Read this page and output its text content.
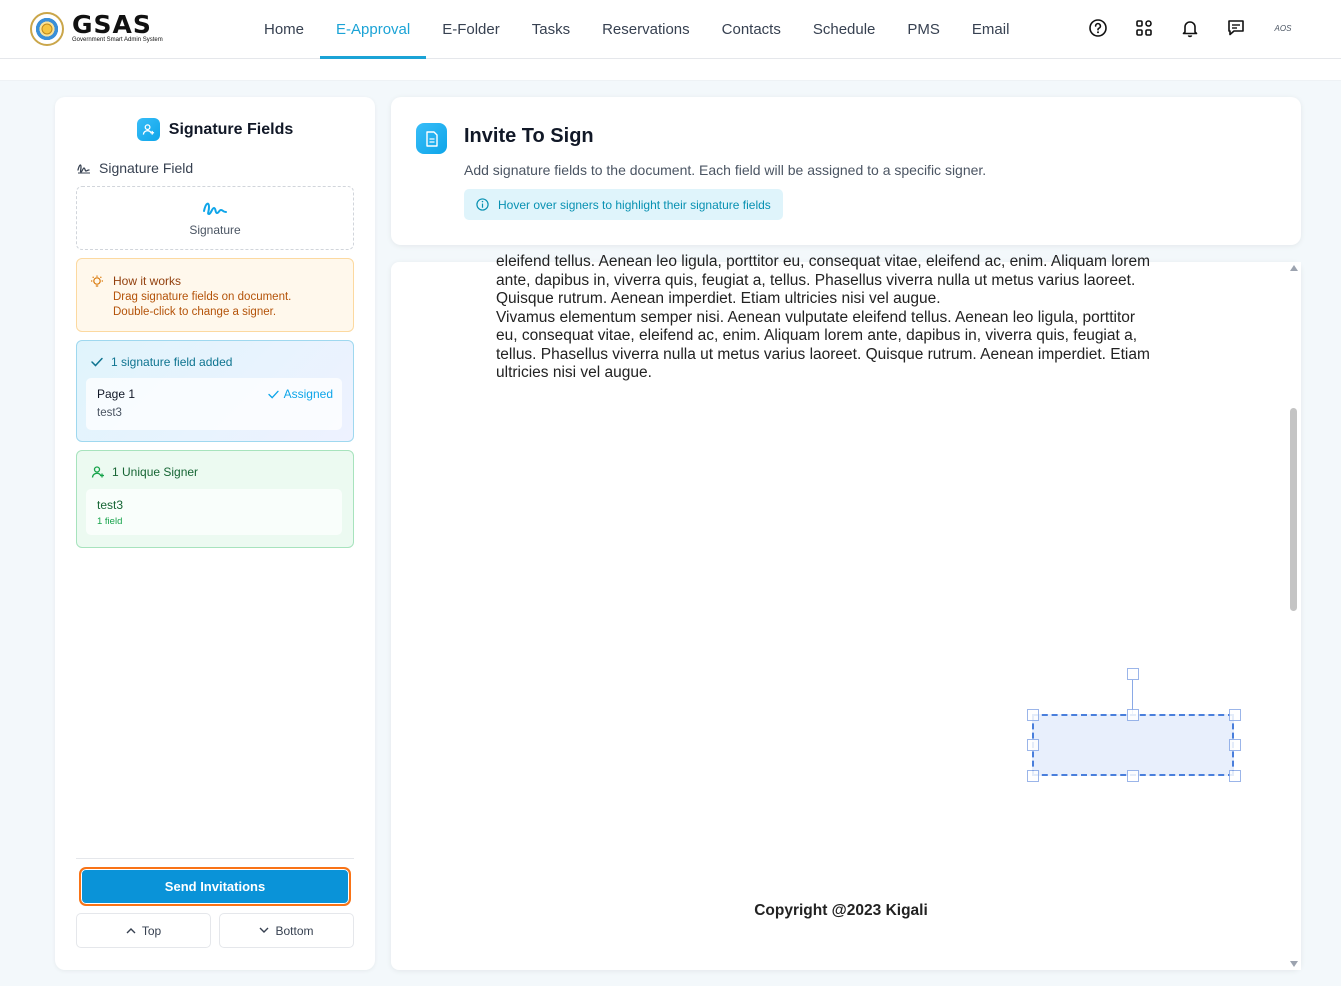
GSAS
Government Smart Admin System
Home	E-Approval	E-Folder	Tasks	Reservations	Contacts	Schedule	PMS	Email	AOS
Signature Fields
Signature Field
Signature
How it works
Drag signature fields on document.
Double-click to change a signer.
1 signature field added
Page 1
test3
Assigned
1 Unique Signer
test3
1 field
Send Invitations
Top	Bottom
Invite To Sign
Add signature fields to the document. Each field will be assigned to a specific signer.
Hover over signers to highlight their signature fields
eleifend tellus. Aenean leo ligula, porttitor eu, consequat vitae, eleifend ac, enim. Aliquam lorem
ante, dapibus in, viverra quis, feugiat a, tellus. Phasellus viverra nulla ut metus varius laoreet.
Quisque rutrum. Aenean imperdiet. Etiam ultricies nisi vel augue.
Vivamus elementum semper nisi. Aenean vulputate eleifend tellus. Aenean leo ligula, porttitor
eu, consequat vitae, eleifend ac, enim. Aliquam lorem ante, dapibus in, viverra quis, feugiat a,
tellus. Phasellus viverra nulla ut metus varius laoreet. Quisque rutrum. Aenean imperdiet. Etiam
ultricies nisi vel augue.
Copyright @2023 Kigali
